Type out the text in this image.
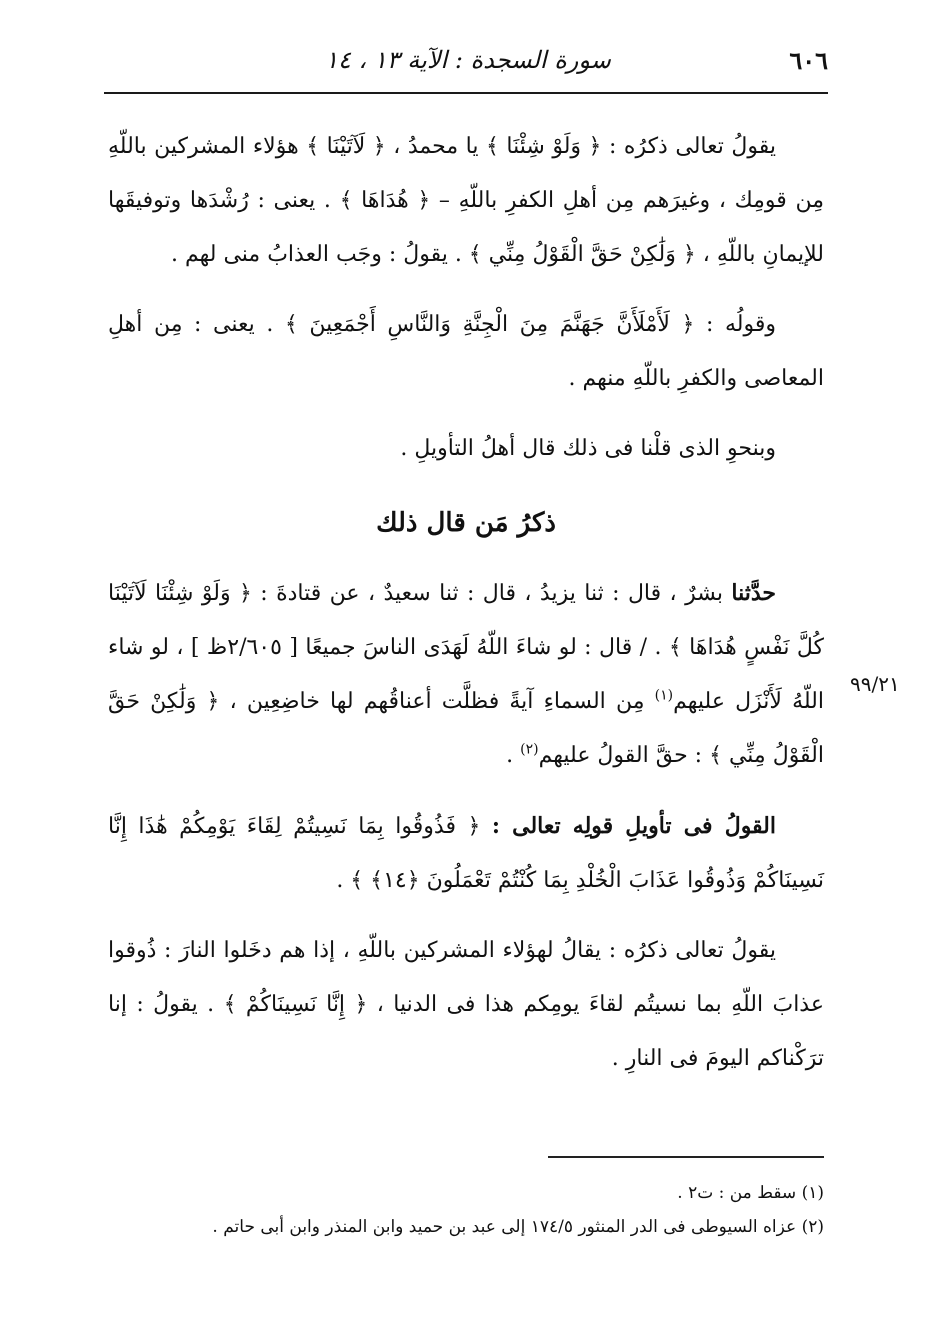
٦٠٦
سورة السجدة : الآية ١٣ ، ١٤

يقولُ تعالى ذكرُه : ﴿ وَلَوْ شِئْنَا ﴾ يا محمدُ ، ﴿ لَآتَيْنَا ﴾ هؤلاء المشركين باللّهِ مِن قومِك ، وغيرَهم مِن أهلِ الكفرِ باللّهِ – ﴿ هُدَاهَا ﴾ . يعنى : رُشْدَها وتوفيقَها للإيمانِ باللّهِ ، ﴿ وَلَٰكِنْ حَقَّ الْقَوْلُ مِنِّي ﴾ . يقولُ : وجَب العذابُ منى لهم .

وقولُه : ﴿ لَأَمْلَأَنَّ جَهَنَّمَ مِنَ الْجِنَّةِ وَالنَّاسِ أَجْمَعِينَ ﴾ . يعنى : مِن أهلِ المعاصى والكفرِ باللّهِ منهم .

وبنحوِ الذى قلْنا فى ذلك قال أهلُ التأويلِ .

ذكرُ مَن قال ذلك

حدَّثنا بشرٌ ، قال : ثنا يزيدُ ، قال : ثنا سعيدٌ ، عن قتادةَ : ﴿ وَلَوْ شِئْنَا لَآتَيْنَا كُلَّ نَفْسٍ هُدَاهَا ﴾ . / قال : لو شاءَ اللّهُ لَهَدَى الناسَ جميعًا [ ٢/٦٠٥ظ ] ، لو شاء اللّهُ لَأَنْزَل عليهم$^{(١)}$ مِن السماءِ آيةً فظلَّت أعناقُهم لها خاضِعِين ، ﴿ وَلَٰكِنْ حَقَّ الْقَوْلُ مِنِّي ﴾ : حقَّ القولُ عليهم$^{(٢)}$ .

القولُ فى تأويلِ قولِه تعالى : ﴿ فَذُوقُوا بِمَا نَسِيتُمْ لِقَاءَ يَوْمِكُمْ هَٰذَا إِنَّا نَسِينَاكُمْ وَذُوقُوا عَذَابَ الْخُلْدِ بِمَا كُنْتُمْ تَعْمَلُونَ ﴿١٤﴾ ﴾ .

يقولُ تعالى ذكرُه : يقالُ لهؤلاء المشركين باللّهِ ، إذا هم دخَلوا النارَ : ذُوقوا عذابَ اللّهِ بما نسيتُم لقاءَ يومِكم هذا فى الدنيا ، ﴿ إِنَّا نَسِينَاكُمْ ﴾ . يقولُ : إنا ترَكْناكم اليومَ فى النارِ .

٩٩/٢١
(١) سقط من : ت٢ .
(٢) عزاه السيوطى فى الدر المنثور ١٧٤/٥ إلى عبد بن حميد وابن المنذر وابن أبى حاتم .
